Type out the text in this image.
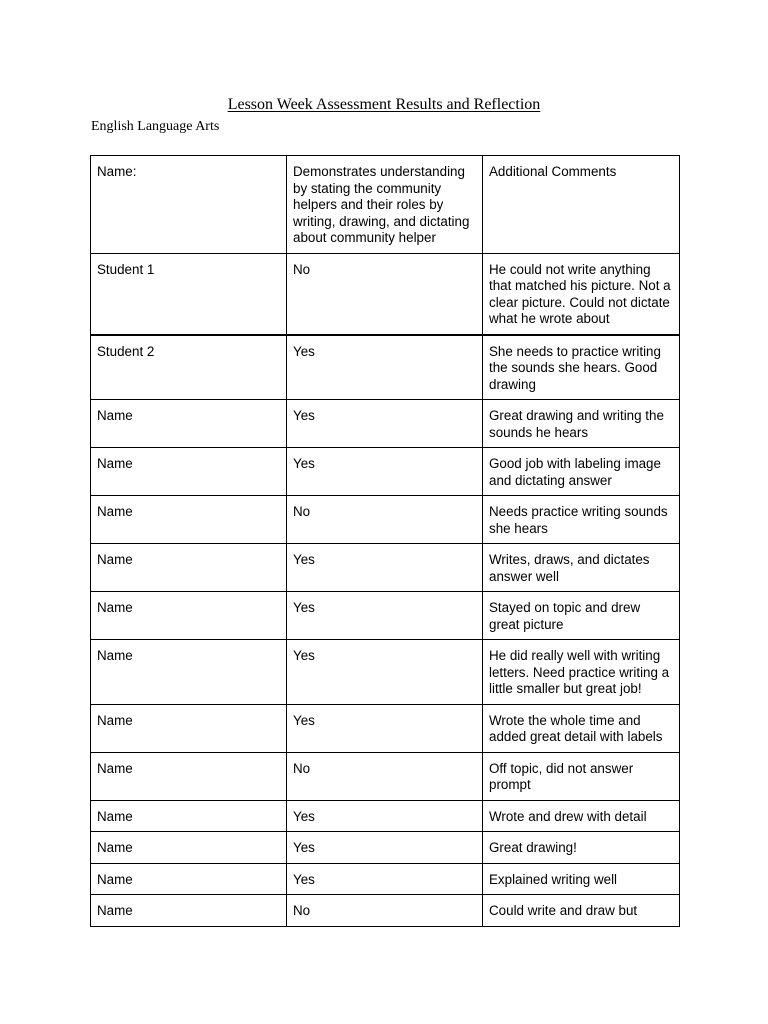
Lesson Week Assessment Results and Reflection
English Language Arts
Name:	Demonstrates understanding by stating the community helpers and their roles by writing, drawing, and dictating about community helper	Additional Comments
Student 1	No	He could not write anything that matched his picture. Not a clear picture. Could not dictate what he wrote about
Student 2	Yes	She needs to practice writing the sounds she hears. Good drawing
Name	Yes	Great drawing and writing the sounds he hears
Name	Yes	Good job with labeling image and dictating answer
Name	No	Needs practice writing sounds she hears
Name	Yes	Writes, draws, and dictates answer well
Name	Yes	Stayed on topic and drew great picture
Name	Yes	He did really well with writing letters. Need practice writing a little smaller but great job!
Name	Yes	Wrote the whole time and added great detail with labels
Name	No	Off topic, did not answer prompt
Name	Yes	Wrote and drew with detail
Name	Yes	Great drawing!
Name	Yes	Explained writing well
Name	No	Could write and draw but
